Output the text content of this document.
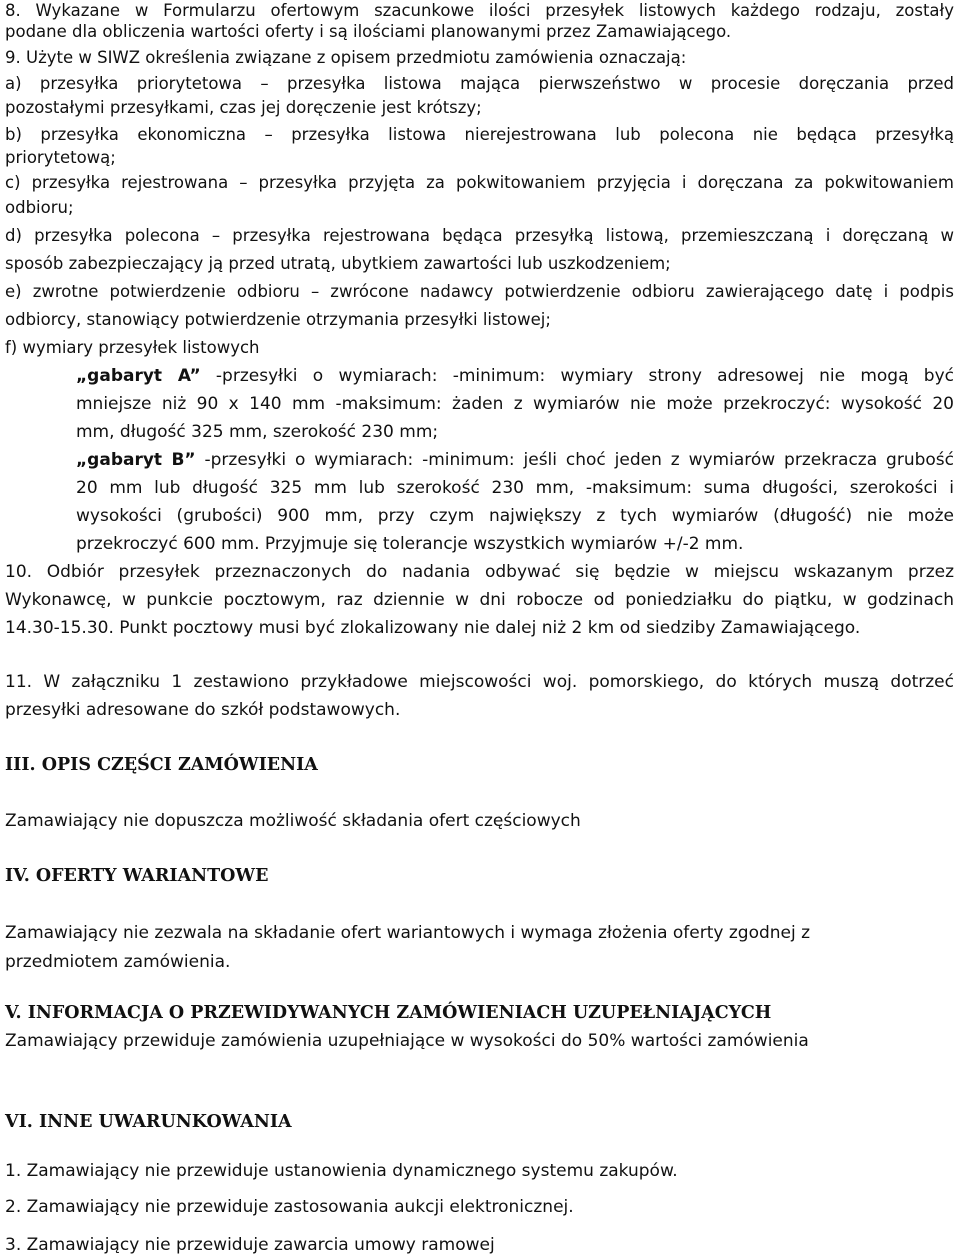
8. Wykazane w Formularzu ofertowym szacunkowe ilości przesyłek listowych każdego rodzaju, zostały
podane dla obliczenia wartości oferty i są ilościami planowanymi przez Zamawiającego.
9. Użyte w SIWZ określenia związane z opisem przedmiotu zamówienia oznaczają:
a) przesyłka priorytetowa – przesyłka listowa mająca pierwszeństwo w procesie doręczania przed
pozostałymi przesyłkami, czas jej doręczenie jest krótszy;
b) przesyłka ekonomiczna – przesyłka listowa nierejestrowana lub polecona nie będąca przesyłką
priorytetową;
c) przesyłka rejestrowana – przesyłka przyjęta za pokwitowaniem przyjęcia i doręczana za pokwitowaniem
odbioru;
d) przesyłka polecona – przesyłka rejestrowana będąca przesyłką listową, przemieszczaną i doręczaną w
sposób zabezpieczający ją przed utratą, ubytkiem zawartości lub uszkodzeniem;
e) zwrotne potwierdzenie odbioru – zwrócone nadawcy potwierdzenie odbioru zawierającego datę i podpis
odbiorcy, stanowiący potwierdzenie otrzymania przesyłki listowej;
f) wymiary przesyłek listowych
„gabaryt A” -przesyłki o wymiarach: -minimum: wymiary strony adresowej nie mogą być
mniejsze niż 90 x 140 mm -maksimum: żaden z wymiarów nie może przekroczyć: wysokość 20
mm, długość 325 mm, szerokość 230 mm;
„gabaryt B” -przesyłki o wymiarach: -minimum: jeśli choć jeden z wymiarów przekracza grubość
20 mm lub długość 325 mm lub szerokość 230 mm, -maksimum: suma długości, szerokości i
wysokości (grubości) 900 mm, przy czym największy z tych wymiarów (długość) nie może
przekroczyć 600 mm. Przyjmuje się tolerancje wszystkich wymiarów +/-2 mm.
10. Odbiór przesyłek przeznaczonych do nadania odbywać się będzie w miejscu wskazanym przez
Wykonawcę, w punkcie pocztowym, raz dziennie w dni robocze od poniedziałku do piątku, w godzinach
14.30-15.30. Punkt pocztowy musi być zlokalizowany nie dalej niż 2 km od siedziby Zamawiającego.
11. W załączniku 1 zestawiono przykładowe miejscowości woj. pomorskiego, do których muszą dotrzeć
przesyłki adresowane do szkół podstawowych.
III. OPIS CZĘŚCI ZAMÓWIENIA
Zamawiający nie dopuszcza możliwość składania ofert częściowych
IV. OFERTY WARIANTOWE
Zamawiający nie zezwala na składanie ofert wariantowych i wymaga złożenia oferty zgodnej z
przedmiotem zamówienia.
V. INFORMACJA O PRZEWIDYWANYCH ZAMÓWIENIACH UZUPEŁNIAJĄCYCH
Zamawiający przewiduje zamówienia uzupełniające w wysokości do 50% wartości zamówienia
VI. INNE UWARUNKOWANIA
1. Zamawiający nie przewiduje ustanowienia dynamicznego systemu zakupów.
2. Zamawiający nie przewiduje zastosowania aukcji elektronicznej.
3. Zamawiający nie przewiduje zawarcia umowy ramowej
